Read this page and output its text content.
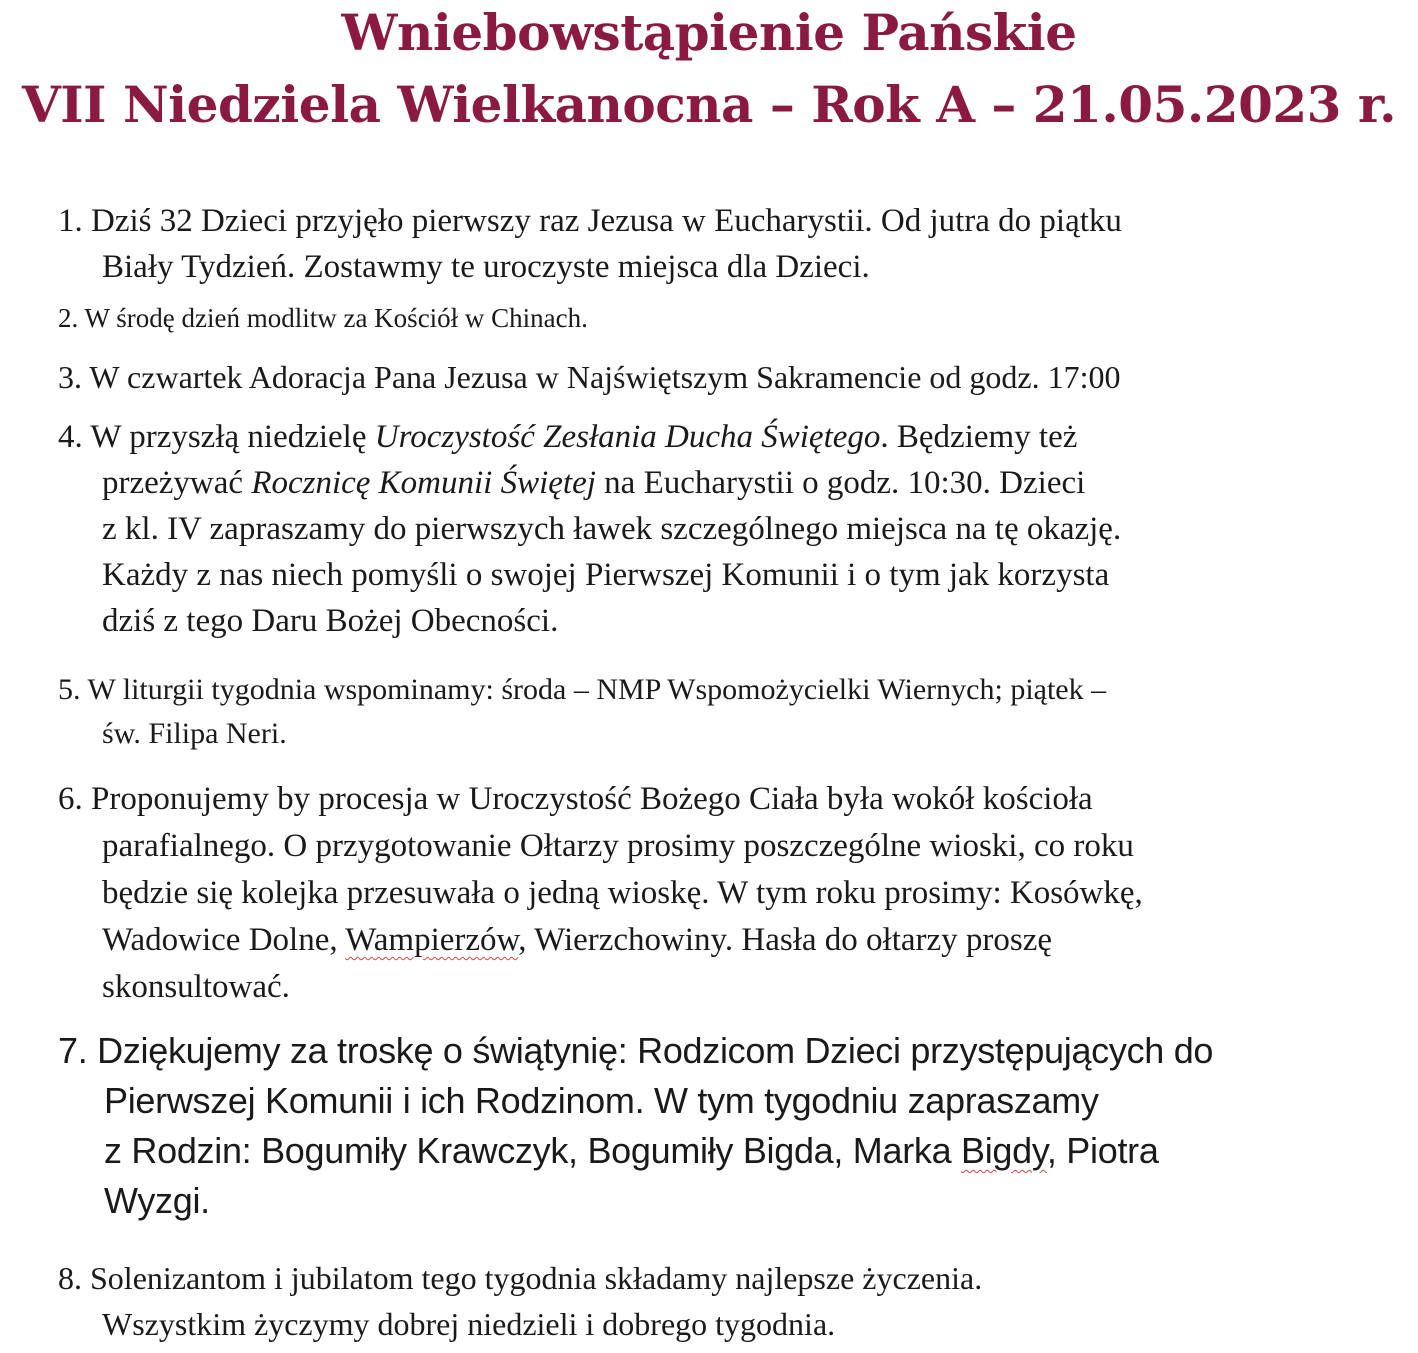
Wniebowstąpienie Pańskie
VII Niedziela Wielkanocna – Rok A – 21.05.2023 r.
1. Dziś 32 Dzieci przyjęło pierwszy raz Jezusa w Eucharystii. Od jutra do piątku
Biały Tydzień. Zostawmy te uroczyste miejsca dla Dzieci.
2. W środę dzień modlitw za Kościół w Chinach.
3. W czwartek Adoracja Pana Jezusa w Najświętszym Sakramencie od godz. 17:00
4. W przyszłą niedzielę Uroczystość Zesłania Ducha Świętego. Będziemy też
przeżywać Rocznicę Komunii Świętej na Eucharystii o godz. 10:30. Dzieci
z kl. IV zapraszamy do pierwszych ławek szczególnego miejsca na tę okazję.
Każdy z nas niech pomyśli o swojej Pierwszej Komunii i o tym jak korzysta
dziś z tego Daru Bożej Obecności.
5. W liturgii tygodnia wspominamy: środa – NMP Wspomożycielki Wiernych; piątek –
św. Filipa Neri.
6. Proponujemy by procesja w Uroczystość Bożego Ciała była wokół kościoła
parafialnego. O przygotowanie Ołtarzy prosimy poszczególne wioski, co roku
będzie się kolejka przesuwała o jedną wioskę. W tym roku prosimy: Kosówkę,
Wadowice Dolne, Wampierzów, Wierzchowiny. Hasła do ołtarzy proszę
skonsultować.
7. Dziękujemy za troskę o świątynię: Rodzicom Dzieci przystępujących do
Pierwszej Komunii i ich Rodzinom. W tym tygodniu zapraszamy
z Rodzin: Bogumiły Krawczyk, Bogumiły Bigda, Marka Bigdy, Piotra
Wyzgi.
8. Solenizantom i jubilatom tego tygodnia składamy najlepsze życzenia.
Wszystkim życzymy dobrej niedzieli i dobrego tygodnia.
